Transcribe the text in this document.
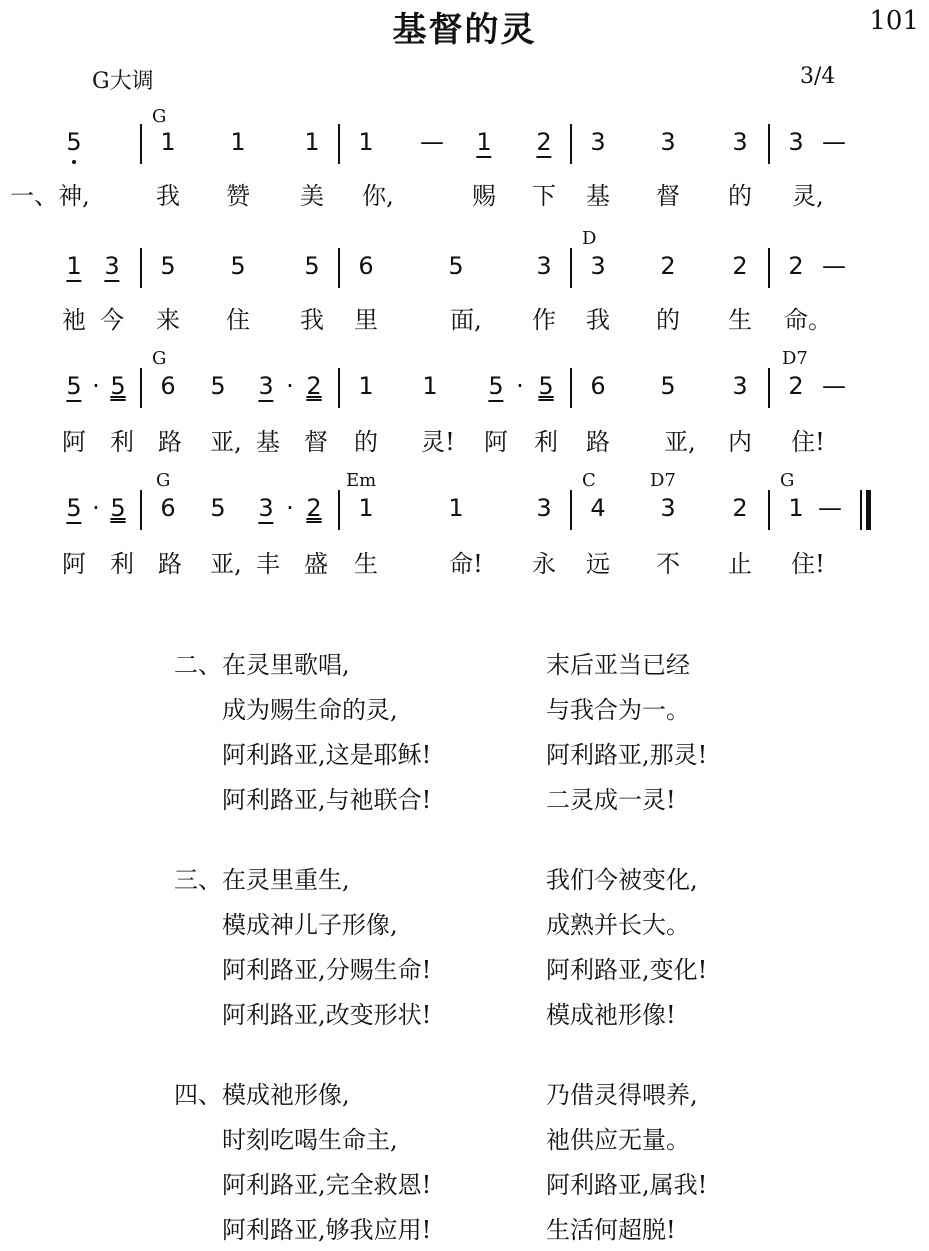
基督的灵	101
G大调	3/4
G
5	1 1 1 1 — 1 2 3 3 3 3 —
一、神,	我 赞 美 你,	赐 下 基 督 的 灵,
D
1 3 5 5 5 6	5	3 3 2 2 2 —
祂 今 来 住 我 里	面, 作 我 的 生 命。
G	D7
5 · 5 6 5 3 · 2 1 1 5 · 5 6 5 3 2 —
阿 利 路 亚, 基 督 的 灵! 阿 利 路 亚, 内 住!
G	Em	C	D7	G
5 · 5 6 5 3 · 2 1	1	3 4 3 2 1 —
阿 利 路 亚, 丰 盛 生	命! 永 远 不 止 住!
二、在灵里歌唱,
成为赐生命的灵,
阿利路亚,这是耶稣!
阿利路亚,与祂联合!
末后亚当已经
与我合为一。
阿利路亚,那灵!
二灵成一灵!
三、在灵里重生,
模成神儿子形像,
阿利路亚,分赐生命!
阿利路亚,改变形状!
我们今被变化,
成熟并长大。
阿利路亚,变化!
模成祂形像!
四、模成祂形像,
时刻吃喝生命主,
阿利路亚,完全救恩!
阿利路亚,够我应用!
乃借灵得喂养,
祂供应无量。
阿利路亚,属我!
生活何超脱!
